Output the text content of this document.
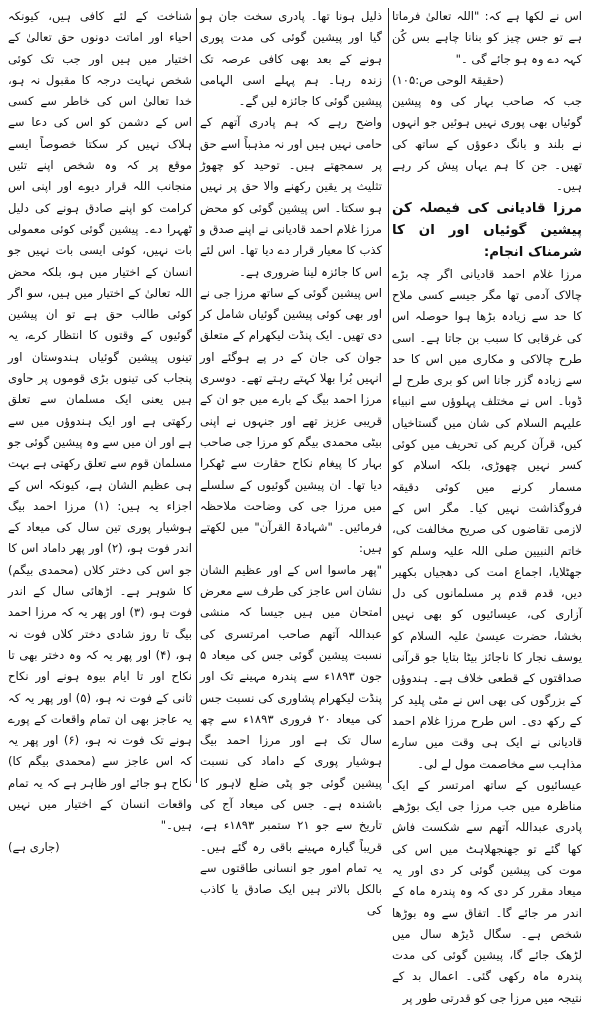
اس نے لکھا ہے کہ: "اللہ تعالیٰ فرماتا ہے تو جس چیز کو بنانا چاہے بس کُن کہہ دے وہ ہو جائے گی ۔"

(حقیقۃ الوحی ص:۱۰۵)

جب کہ صاحب بہار کی وہ پیشین گوئیاں بھی پوری نہیں ہوئیں جو انہوں نے بلند و بانگ دعوؤں کے ساتھ کی تھیں۔ جن کا ہم یہاں پیش کر رہے ہیں۔

مرزا قادیانی کی فیصلہ کن پیشین گوئیاں اور ان کا شرمناک انجام:

مرزا غلام احمد قادیانی اگر چہ بڑے چالاک آدمی تھا مگر جیسے کسی ملاح کا حد سے زیادہ بڑھا ہوا حوصلہ اس کی غرقابی کا سبب بن جاتا ہے۔ اسی طرح چالاکی و مکاری میں اس کا حد سے زیادہ گزر جانا اس کو بری طرح لے ڈوبا۔ اس نے مختلف پہلوؤں سے انبیاء علیہم السلام کی شان میں گستاخیاں کیں، قرآن کریم کی تحریف میں کوئی کسر نہیں چھوڑی، بلکہ اسلام کو مسمار کرنے میں کوئی دقیقہ فروگذاشت نہیں کیا۔ مگر اس کے لازمی تقاضوں کی صریح مخالفت کی، خاتم النبیین صلی اللہ علیہ وسلم کو جھٹلایا، اجماع امت کی دھجیاں بکھیر دیں، قدم قدم پر مسلمانوں کی دل آزاری کی، عیسائیوں کو بھی نہیں بخشا، حضرت عیسیٰ علیہ السلام کو یوسف نجار کا ناجائز بیٹا بتایا جو قرآنی صداقتوں کے قطعی خلاف ہے۔ ہندوؤں کے بزرگوں کی بھی اس نے مٹی پلید کر کے رکھ دی۔ اس طرح مرزا غلام احمد قادیانی نے ایک ہی وقت میں سارے مذاہب سے مخاصمت مول لے لی۔

عیسائیوں کے ساتھ امرتسر کے ایک مناظرہ میں جب مرزا جی ایک بوڑھے پادری عبداللہ آتھم سے شکست فاش کھا گئے تو جھنجھلاہٹ میں اس کی موت کی پیشین گوئی کر دی اور یہ میعاد مقرر کر دی کہ وہ پندرہ ماہ کے اندر مر جائے گا۔ اتفاق سے وہ بوڑھا شخص ہے۔ سگال ڈیڑھ سال میں لڑھک جائے گا، پیشین گوئی کی مدت پندرہ ماہ رکھی گئی۔ اعمال بد کے نتیجہ میں مرزا جی کو قدرتی طور پر

ذلیل ہونا تھا۔ پادری سخت جان ہو گیا اور پیشین گوئی کی مدت پوری ہونے کے بعد بھی کافی عرصہ تک زندہ رہا۔ ہم پہلے اسی الہامی پیشین گوئی کا جائزہ لیں گے۔

واضح رہے کہ ہم پادری آتھم کے حامی نہیں ہیں اور نہ مذہباً اسے حق پر سمجھتے ہیں۔ توحید کو چھوڑ تثلیث پر یقین رکھنے والا حق پر نہیں ہو سکتا۔ اس پیشین گوئی کو محض مرزا غلام احمد قادیانی نے اپنے صدق و کذب کا معیار قرار دے دیا تھا۔ اس لئے اس کا جائزہ لینا ضروری ہے۔

اس پیشین گوئی کے ساتھ مرزا جی نے اور بھی کوئی پیشین گوئیاں شامل کر دی تھیں۔ ایک پنڈت لیکھرام کے متعلق جوان کی جان کے در پے ہوگئے اور انہیں بُرا بھلا کہتے رہتے تھے۔ دوسری مرزا احمد بیگ کے بارے میں جو ان کے قریبی عزیز تھے اور جنہوں نے اپنی بیٹی محمدی بیگم کو مرزا جی صاحب بہار کا پیغام نکاح حقارت سے ٹھکرا دیا تھا۔ ان پیشین گوئیوں کے سلسلے میں مرزا جی کی وضاحت ملاحظہ فرمائیں۔ "شہادۃ القرآن" میں لکھتے ہیں:

"پھر ماسوا اس کے اور عظیم الشان نشان اس عاجز کی طرف سے معرض امتحان میں ہیں جیسا کہ منشی عبداللہ آتھم صاحب امرتسری کی نسبت پیشین گوئی جس کی میعاد ۵ جون ۱۸۹۳ء سے پندرہ مہینے تک اور پنڈت لیکھرام پشاوری کی نسبت جس کی میعاد ۲۰ فروری ۱۸۹۳ء سے چھ سال تک ہے اور مرزا احمد بیگ ہوشیار پوری کے داماد کی نسبت پیشین گوئی جو پٹی ضلع لاہور کا باشندہ ہے۔ جس کی میعاد آج کی تاریخ سے جو ۲۱ ستمبر ۱۸۹۳ء ہے، قریباً گیارہ مہینے باقی رہ گئے ہیں۔ یہ تمام امور جو انسانی طاقتوں سے بالکل بالاتر ہیں ایک صادق یا کاذب کی

شناخت کے لئے کافی ہیں، کیونکہ احیاء اور اماتت دونوں حق تعالیٰ کے اختیار میں ہیں اور جب تک کوئی شخص نہایت درجہ کا مقبول نہ ہو، خدا تعالیٰ اس کی خاطر سے کسی اس کے دشمن کو اس کی دعا سے ہلاک نہیں کر سکتا خصوصاً ایسے موقع پر کہ وہ شخص اپنے تئیں منجانب اللہ قرار دیوے اور اپنی اس کرامت کو اپنے صادق ہونے کی دلیل ٹھہرا دے۔ پیشین گوئی کوئی معمولی بات نہیں، کوئی ایسی بات نہیں جو انسان کے اختیار میں ہو، بلکہ محض اللہ تعالیٰ کے اختیار میں ہیں، سو اگر کوئی طالب حق ہے تو ان پیشین گوئیوں کے وقتوں کا انتظار کرے، یہ تینوں پیشین گوئیاں ہندوستان اور پنجاب کی تینوں بڑی قوموں پر حاوی ہیں یعنی ایک مسلمان سے تعلق رکھتی ہے اور ایک ہندوؤں میں سے ہے اور ان میں سے وہ پیشین گوئی جو مسلمان قوم سے تعلق رکھتی ہے بہت ہی عظیم الشان ہے، کیونکہ اس کے اجزاء یہ ہیں: (۱) مرزا احمد بیگ ہوشیار پوری تین سال کی میعاد کے اندر فوت ہو، (۲) اور پھر داماد اس کا جو اس کی دختر کلاں (محمدی بیگم) کا شوہر ہے۔ اڑھائی سال کے اندر فوت ہو، (۳) اور پھر یہ کہ مرزا احمد بیگ تا روز شادی دختر کلاں فوت نہ ہو، (۴) اور پھر یہ کہ وہ دختر بھی تا نکاح اور تا ایام بیوہ ہونے اور نکاح ثانی کے فوت نہ ہو، (۵) اور پھر یہ کہ یہ عاجز بھی ان تمام واقعات کے پورے ہونے تک فوت نہ ہو، (۶) اور پھر یہ کہ اس عاجز سے (محمدی بیگم کا) نکاح ہو جائے اور ظاہر ہے کہ یہ تمام واقعات انسان کے اختیار میں نہیں ہیں۔"

(جاری ہے)
